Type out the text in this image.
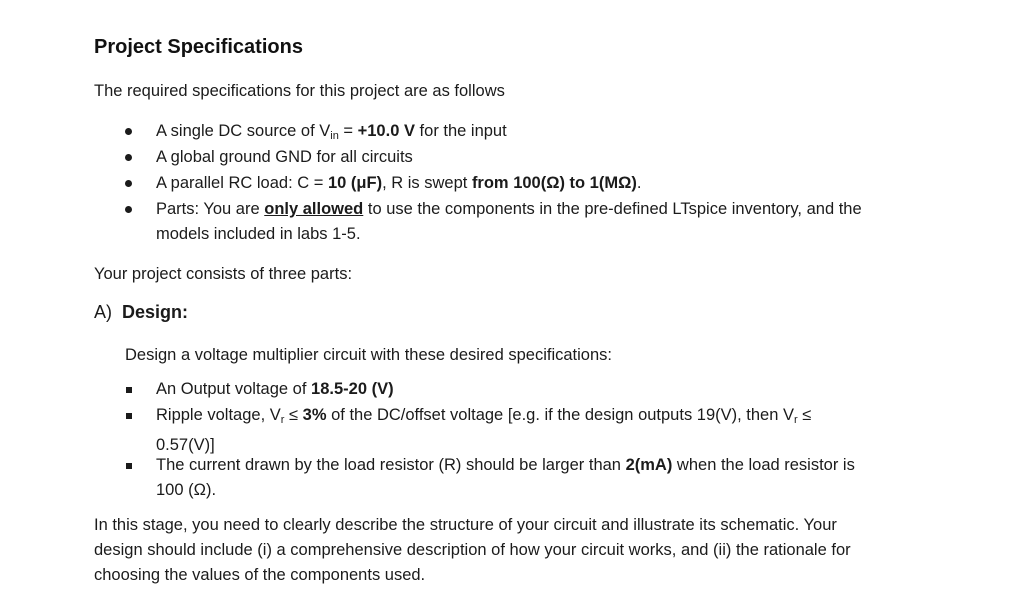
Project Specifications
The required specifications for this project are as follows
A single DC source of $V_{in} = +10.0$ V for the input
A global ground GND for all circuits
A parallel RC load: C = 10 (μF), R is swept from 100(Ω) to 1(MΩ).
Parts: You are only allowed to use the components in the pre-defined LTspice inventory, and the
models included in labs 1-5.
Your project consists of three parts:
A) Design:
Design a voltage multiplier circuit with these desired specifications:
An Output voltage of 18.5-20 (V)
Ripple voltage, $V_r \le 3\%$ of the DC/offset voltage [e.g. if the design outputs 19(V), then $V_r$ ≤
0.57(V)]
The current drawn by the load resistor (R) should be larger than 2(mA) when the load resistor is
100 (Ω).
In this stage, you need to clearly describe the structure of your circuit and illustrate its schematic. Your
design should include (i) a comprehensive description of how your circuit works, and (ii) the rationale for
choosing the values of the components used.
